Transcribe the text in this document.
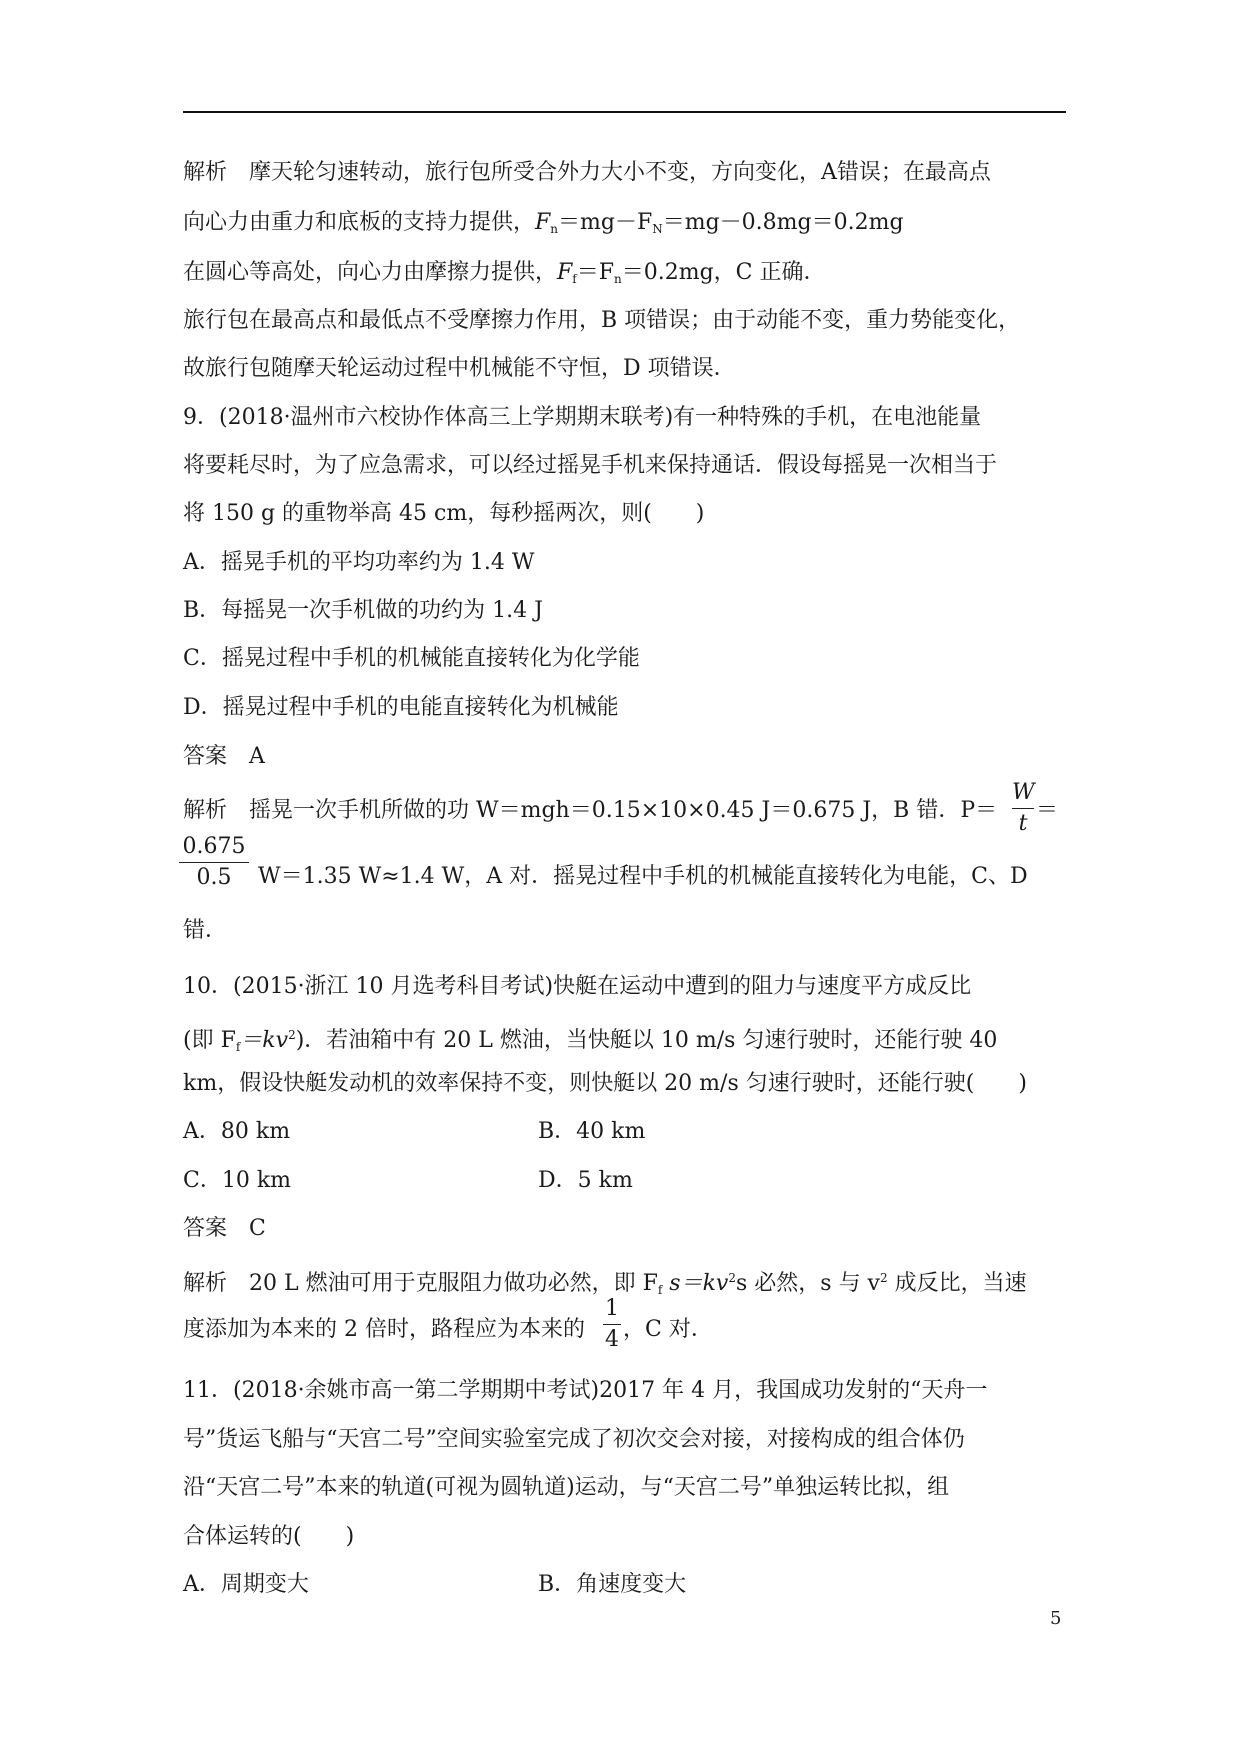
解析　摩天轮匀速转动，旅行包所受合外力大小不变，方向变化，A错误；在最高点
向心力由重力和底板的支持力提供，$F_n=mg-F_N=mg-0.8mg=0.2mg$
在圆心等高处，向心力由摩擦力提供，$F_f=F_n=0.2mg$，C 正确．
旅行包在最高点和最低点不受摩擦力作用，B 项错误；由于动能不变，重力势能变化，
故旅行包随摩天轮运动过程中机械能不守恒，D 项错误．
9．(2018·温州市六校协作体高三上学期期末联考)有一种特殊的手机，在电池能量
将要耗尽时，为了应急需求，可以经过摇晃手机来保持通话．假设每摇晃一次相当于
将 150 g 的重物举高 45 cm，每秒摇两次，则(　　)
A．摇晃手机的平均功率约为 1.4 W
B．每摇晃一次手机做的功约为 1.4 J
C．摇晃过程中手机的机械能直接转化为化学能
D．摇晃过程中手机的电能直接转化为机械能
答案　A
解析　摇晃一次手机所做的功 W＝mgh＝0.15×10×0.45 J＝0.675 J，B 错．P＝
W
t
＝
0.675
0.5	W＝1.35 W≈1.4 W，A 对．摇晃过程中手机的机械能直接转化为电能，C、D
错．
10．(2015·浙江 10 月选考科目考试)快艇在运动中遭到的阻力与速度平方成反比
(即 $F_f=kv^2$)．若油箱中有 20 L 燃油，当快艇以 10 m/s 匀速行驶时，还能行驶 40
km，假设快艇发动机的效率保持不变，则快艇以 20 m/s 匀速行驶时，还能行驶(　　)
A．80 km	B．40 km
C．10 km	D．5 km
答案　C
解析　20 L 燃油可用于克服阻力做功必然，即 $F_f$ $s=kv^2s$ 必然，s 与 $v^2$ 成反比，当速
度添加为本来的 2 倍时，路程应为本来的
1
4 ，C 对．
11．(2018·余姚市高一第二学期期中考试)2017 年 4 月，我国成功发射的“天舟一
号”货运飞船与“天宫二号”空间实验室完成了初次交会对接，对接构成的组合体仍
沿“天宫二号”本来的轨道(可视为圆轨道)运动，与“天宫二号”单独运转比拟，组
合体运转的(　　)
A．周期变大	B．角速度变大
5
